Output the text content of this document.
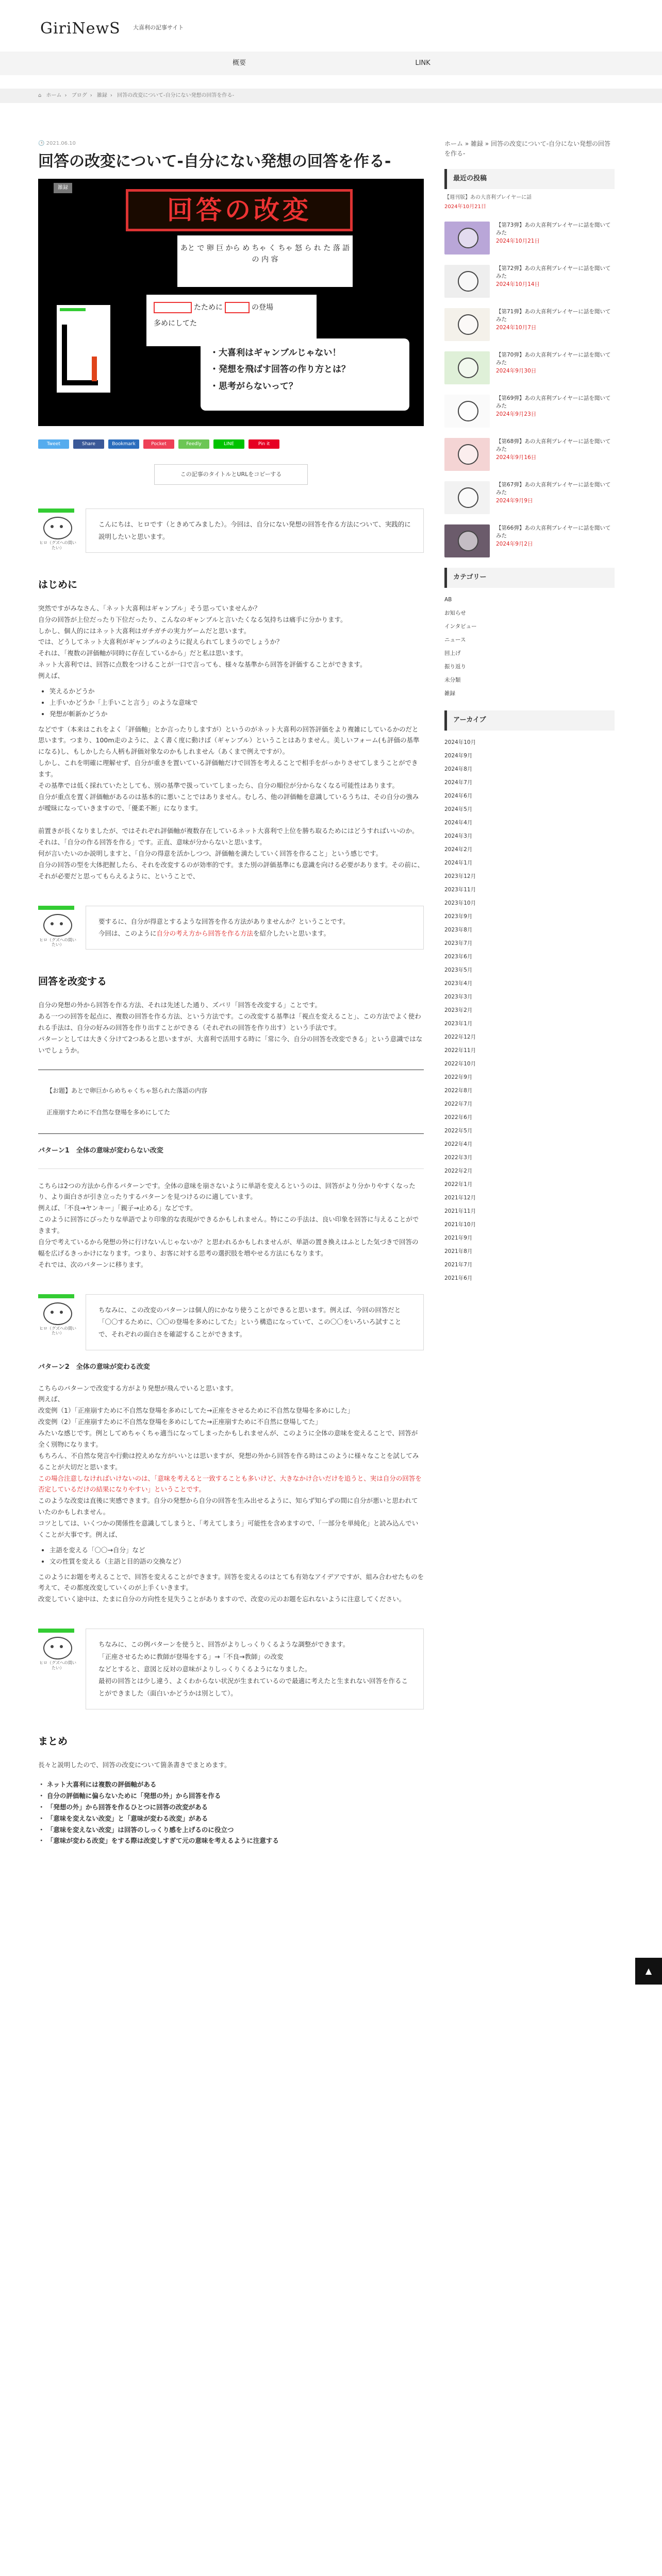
GiriNewS 大喜利の記事サイト
概要	LINK
⌂ ホーム › ブログ › 雑録 › 回答の改変について-自分にない発想の回答を作る-
🕒 2021.06.10
回答の改変について-自分にない発想の回答を作る-
雑録
回答の改変
あと で 卵 巨 から め ちゃ く ちゃ 怒 ら れ た 落 語 の 内 容
たために	の登場
多めにしてた
・大喜利はギャンブルじゃない！
・発想を飛ばす回答の作り方とは？
・思考がらないって？
Tweet	Share	Bookmark	Pocket	Feedly	LINE	Pin it
この記事のタイトルとURLをコピーする
ヒロ（グズへの間いたい）
こんにちは、ヒロです（ときめてみました）。今回は、自分にない発想の回答を作る方法について、実践的に説明したいと思います。
はじめに

突然ですがみなさん、「ネット大喜利はギャンブル」そう思っていませんか？

自分の回答が上位だったり下位だったり、こんなのギャンブルと言いたくなる気持ちは痛手に分かります。

しかし、個人的にはネット大喜利はガチガチの実力ゲームだと思います。

では、どうしてネット大喜利がギャンブルのように捉えられてしまうのでしょうか？

それは、「複数の評価軸が同時に存在しているから」だと私は思います。

ネット大喜利では、回答に点数をつけることが一口で言っても、様々な基準から回答を評価することができます。

例えば、

• 笑えるかどうか
• 上手いかどうか「上手いこと言う」のような意味で
• 発想が斬新かどうか

などです（本来はこれをよく「評価軸」とか言ったりしますが）というのがネット大喜利の回答評価をより複雑にしているかのだと思います。つまり、100m走のように、よく書く度に動けば（ギャンブル）ということはありません。美しいフォーム(も評価の基準になる)し、もしかしたら人柄も評価対象なのかもしれません（あくまで例えですが）。

しかし、これを明確に理解せず、自分が重きを置いている評価軸だけで回答を考えることで相手をがっかりさせてしまうことができます。

その基準では低く採れていたとしても、別の基準で扱っていてしまったら、自分の順位が分からなくなる可能性はあります。

自分が重点を置く評価軸があるのは基本的に悪いことではありません。むしろ、他の評価軸を意識しているうちは、その自分の強みが曖昧になっていきますので、「優柔不断」になります。

前置きが長くなりましたが、ではそれぞれ評価軸が複数存在しているネット大喜利で上位を勝ち取るためにはどうすればいいのか。

それは、「自分の作る回答を作る」です。正直、意味が分からないと思います。

何が言いたいのか説明しますと、「自分の得意を活かしつつ、評価軸を満たしていく回答を作ること」という感じです。

自分の回答の型を大体把握したら、それを改変するのが効率的です。また別の評価基準にも意識を向ける必要があります。その前に、それが必要だと思ってもらえるように、ということで、

ヒロ（グズへの間いたい）
要するに、自分が得意とするような回答を作る方法がありませんか？ということです。
今回は、このように自分の考え方から回答を作る方法を紹介したいと思います。
回答を改変する

自分の発想の外から回答を作る方法、それは先述した通り、ズバリ「回答を改変する」ことです。

ある一つの回答を起点に、複数の回答を作る方法、という方法です。この改変する基準は「視点を変えること」、この方法でよく使われる手法は、自分の好みの回答を作り出すことができる（それぞれの回答を作り出す）という手法です。

パターンとしては大きく分けて2つあると思いますが、大喜利で活用する時に「常に今、自分の回答を改変できる」という意識ではないでしょうか。

【お題】あとで卵巨からめちゃくちゃ怒られた落語の内容

正座崩すために不自然な登場を多めにしてた
パターン1　全体の意味が変わらない改変

こちらは2つの方法から作るパターンです。全体の意味を崩さないように単語を変えるというのは、回答がより分かりやすくなったり、より面白さが引き立ったりするパターンを見つけるのに適しています。

例えば、「不良→ヤンキー」「親子→止める」などです。

このように回答にぴったりな単語でより印象的な表現ができるかもしれません。特にこの手法は、良い印象を回答に与えることができます。

自分で考えているから発想の外に行けないんじゃないか？と思われるかもしれませんが、単語の置き換えはふとした気づきで回答の幅を広げるきっかけになります。つまり、お客に対する思考の選択肢を増やせる方法にもなります。

それでは、次のパターンに移ります。

ヒロ（グズへの間いたい）
ちなみに、この改変のパターンは個人的にかなり使うことができると思います。例えば、今回の回答だと「〇〇するために、〇〇の登場を多めにしてた」という構造になっていて、この〇〇をいろいろ試すことで、それぞれの面白さを確認することができます。
パターン2　全体の意味が変わる改変

こちらのパターンで改変する方がより発想が飛んでいると思います。

例えば、

改変例（1）「正座崩すために不自然な登場を多めにしてた→正座をさせるために不自然な登場を多めにした」

改変例（2）「正座崩すために不自然な登場を多めにしてた→正座崩すために不自然に登場してた」

みたいな感じです。例としてめちゃくちゃ適当になってしまったかもしれませんが、このように全体の意味を変えることで、回答が全く別物になります。

もちろん、不自然な発言や行動は控えめな方がいいとは思いますが、発想の外から回答を作る時はこのように様々なことを試してみることが大切だと思います。

この場合注意しなければいけないのは、「意味を考えると一致することも多いけど、大きなかけ合いだけを追うと、実は自分の回答を否定しているだけの結果になりやすい」ということです。

このような改変は直後に実感できます。自分の発想から自分の回答を生み出せるように、知らず知らずの間に自分が悪いと思われていたのかもしれません。

コツとしては、いくつかの関係性を意識してしまうと、「考えてしまう」可能性を含めますので、「一部分を単純化」と読み込んでいくことが大事です。例えば、

• 主語を変える「〇〇→自分」など
• 文の性質を変える（主語と目的語の交換など）

このようにお題を考えることで、回答を変えることができます。回答を変えるのはとても有効なアイデアですが、組み合わせたものを考えて、その都度改変していくのが上手くいきます。

改変していく途中は、たまに自分の方向性を見失うことがありますので、改変の元のお題を忘れないように注意してください。

ヒロ（グズへの間いたい）
ちなみに、この例パターンを使うと、回答がよりしっくりくるような調整ができます。
「正座させるために教師が登場をする」→「不良→教師」の改変
などとすると、意図と反対の意味がよりしっくりくるようになりました。
最初の回答とは少し違う、よくわからない状況が生まれているので最適に考えたと生まれない回答を作ることができました（面白いかどうかは別として）。
まとめ

長々と説明したので、回答の改変について箇条書きでまとめます。

・ ネット大喜利には複数の評価軸がある
・ 自分の評価軸に偏らないために「発想の外」から回答を作る
・ 「発想の外」から回答を作るひとつに回答の改変がある
・ 「意味を変えない改変」と「意味が変わる改変」がある
・ 「意味を変えない改変」は回答のしっくり感を上げるのに役立つ
・ 「意味が変わる改変」をする際は改変しすぎて元の意味を考えるように注意する
ホーム » 雑録 » 回答の改変について-自分にない発想の回答を作る-
最近の投稿
【週刊版】あの大喜利プレイヤーに話
2024年10月21日
【第73弾】あの大喜利プレイヤーに話を聞いてみた
2024年10月21日
【第72弾】あの大喜利プレイヤーに話を聞いてみた
2024年10月14日
【第71弾】あの大喜利プレイヤーに話を聞いてみた
2024年10月7日
【第70弾】あの大喜利プレイヤーに話を聞いてみた
2024年9月30日
【第69弾】あの大喜利プレイヤーに話を聞いてみた
2024年9月23日
【第68弾】あの大喜利プレイヤーに話を聞いてみた
2024年9月16日
【第67弾】あの大喜利プレイヤーに話を聞いてみた
2024年9月9日
【第66弾】あの大喜利プレイヤーに話を聞いてみた
2024年9月2日
カテゴリー
AB
お知らせ
インタビュー
ニュース
回上げ
振り返り
未分類
雑録
アーカイブ
2024年10月
2024年9月
2024年8月
2024年7月
2024年6月
2024年5月
2024年4月
2024年3月
2024年2月
2024年1月
2023年12月
2023年11月
2023年10月
2023年9月
2023年8月
2023年7月
2023年6月
2023年5月
2023年4月
2023年3月
2023年2月
2023年1月
2022年12月
2022年11月
2022年10月
2022年9月
2022年8月
2022年7月
2022年6月
2022年5月
2022年4月
2022年3月
2022年2月
2022年1月
2021年12月
2021年11月
2021年10月
2021年9月
2021年8月
2021年7月
2021年6月
▲
